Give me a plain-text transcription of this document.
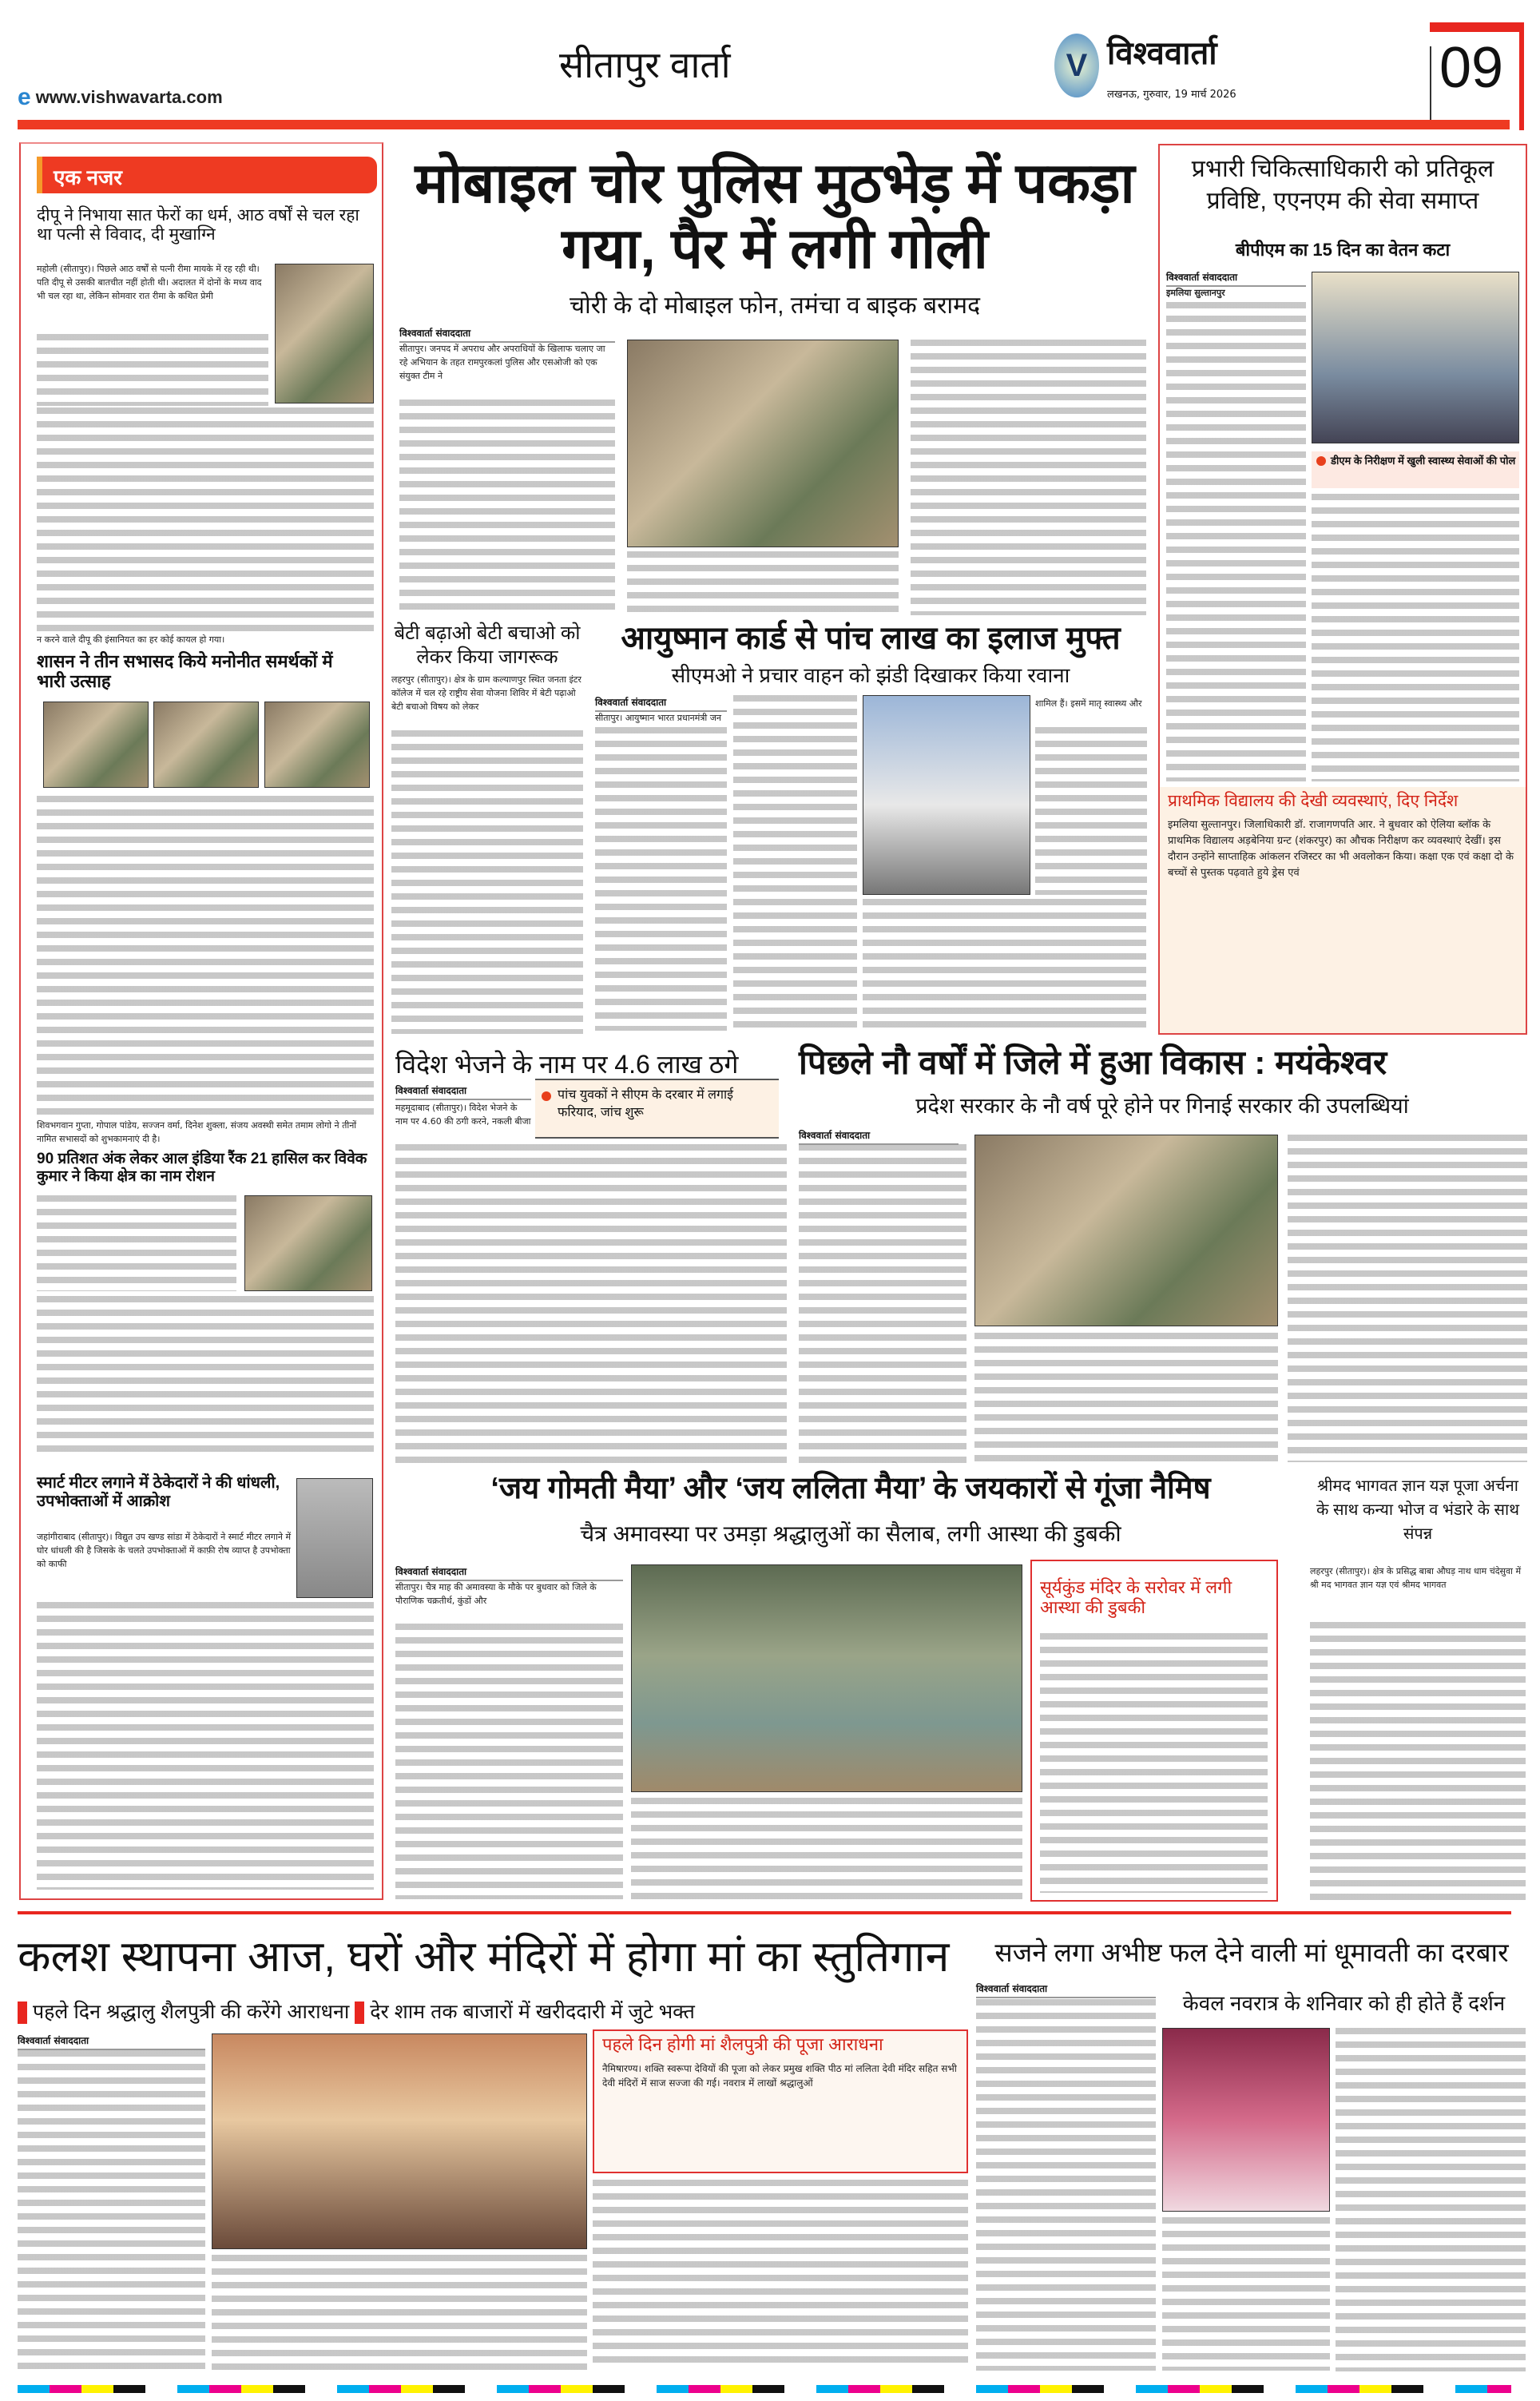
e www.vishwavarta.com
सीतापुर वार्ता	V विश्ववार्ता
लखनऊ, गुरुवार, 19 मार्च 2026	09
एक नजर
दीपू ने निभाया सात फेरों का धर्म, आठ वर्षों से चल रहा था पत्नी से विवाद, दी मुखाग्नि
महोली (सीतापुर)। पिछले आठ वर्षों से पत्नी रीमा मायके में रह रही थी। पति दीपू से उसकी बातचीत नहीं होती थी। अदालत में दोनों के मध्य वाद भी चल रहा था, लेकिन सोमवार रात रीमा के कथित प्रेमी
न करने वाले दीपू की इंसानियत का हर कोई कायल हो गया।
शासन ने तीन सभासद किये मनोनीत समर्थकों में भारी उत्साह
शिवभगवान गुप्ता, गोपाल पांडेय, सज्जन वर्मा, दिनेश शुक्ला, संजय अवस्थी समेत तमाम लोगो ने तीनों नामित सभासदों को शुभकामनाएं दी है।
90 प्रतिशत अंक लेकर आल इंडिया रैंक 21 हासिल कर विवेक कुमार ने किया क्षेत्र का नाम रोशन
स्मार्ट मीटर लगाने में ठेकेदारों ने की धांधली, उपभोक्ताओं में आक्रोश
जहांगीराबाद (सीतापुर)। विद्युत उप खण्ड सांडा में ठेकेदारों ने स्मार्ट मीटर लगाने में घोर धांधली की है जिसके के चलते उपभोक्ताओं में काफ़ी रोष व्याप्त है उपभोक्ता को काफी
मोबाइल चोर पुलिस मुठभेड़ में पकड़ा गया, पैर में लगी गोली
चोरी के दो मोबाइल फोन, तमंचा व बाइक बरामद
विश्ववार्ता संवाददाता
सीतापुर। जनपद में अपराध और अपराधियों के खिलाफ चलाए जा रहे अभियान के तहत रामपुरकलां पुलिस और एसओजी को एक संयुक्त टीम ने
बेटी बढ़ाओ बेटी बचाओ को लेकर किया जागरूक
लहरपुर (सीतापुर)। क्षेत्र के ग्राम कल्याणपुर स्थित जनता इंटर कॉलेज में चल रहे राष्ट्रीय सेवा योजना शिविर में बेटी पढ़ाओ बेटी बचाओ विषय को लेकर
आयुष्मान कार्ड से पांच लाख का इलाज मुफ्त
सीएमओ ने प्रचार वाहन को झंडी दिखाकर किया रवाना
विश्ववार्ता संवाददाता
सीतापुर। आयुष्मान भारत प्रधानमंत्री जन
शामिल हैं। इसमें मातृ स्वास्थ्य और
प्रभारी चिकित्साधिकारी को प्रतिकूल प्रविष्टि, एएनएम की सेवा समाप्त
बीपीएम का 15 दिन का वेतन कटा
विश्ववार्ता संवाददाता
इमलिया सुल्तानपुर
डीएम के निरीक्षण में खुली स्वास्थ्य सेवाओं की पोल
प्राथमिक विद्यालय की देखी व्यवस्थाएं, दिए निर्देश
इमलिया सुल्तानपुर। जिलाधिकारी डॉ. राजागणपति आर. ने बुधवार को ऐलिया ब्लॉक के प्राथमिक विद्यालय अड़बेनिया ग्रन्ट (शंकरपुर) का औचक निरीक्षण कर व्यवस्थाएं देखीं। इस दौरान उन्होंने साप्ताहिक आंकलन रजिस्टर का भी अवलोकन किया। कक्षा एक एवं कक्षा दो के बच्चों से पुस्तक पढ़वाते हुये ड्रेस एवं
विदेश भेजने के नाम पर 4.6 लाख ठगे
विश्ववार्ता संवाददाता
महमूदाबाद (सीतापुर)। विदेश भेजने के नाम पर 4.60 की ठगी करने, नकली बीजा
पांच युवकों ने सीएम के दरबार में लगाई फरियाद, जांच शुरू
पिछले नौ वर्षों में जिले में हुआ विकास : मयंकेश्वर
प्रदेश सरकार के नौ वर्ष पूरे होने पर गिनाई सरकार की उपलब्धियां
विश्ववार्ता संवाददाता
‘जय गोमती मैया’ और ‘जय ललिता मैया’ के जयकारों से गूंजा नैमिष
चैत्र अमावस्या पर उमड़ा श्रद्धालुओं का सैलाब, लगी आस्था की डुबकी
विश्ववार्ता संवाददाता
सीतापुर। चैत्र माह की अमावस्या के मौके पर बुधवार को जिले के पौराणिक चक्रतीर्थ, कुंडों और
सूर्यकुंड मंदिर के सरोवर में लगी आस्था की डुबकी
श्रीमद भागवत ज्ञान यज्ञ पूजा अर्चना के साथ कन्या भोज व भंडारे के साथ संपन्न
लहरपुर (सीतापुर)। क्षेत्र के प्रसिद्ध बाबा औघड़ नाथ धाम चंदेसुवा में श्री मद भागवत ज्ञान यज्ञ एवं श्रीमद भागवत
कलश स्थापना आज, घरों और मंदिरों में होगा मां का स्तुतिगान
पहले दिन श्रद्धालु शैलपुत्री की करेंगे आराधना देर शाम तक बाजारों में खरीददारी में जुटे भक्त
विश्ववार्ता संवाददाता	पहले दिन होगी मां शैलपुत्री की पूजा आराधना
नैमिषारण्य। शक्ति स्वरूपा देवियों की पूजा को लेकर प्रमुख शक्ति पीठ मां ललिता देवी मंदिर सहित सभी देवी मंदिरों में साज सज्जा की गई। नवरात्र में लाखों श्रद्धालुओं
सजने लगा अभीष्ट फल देने वाली मां धूमावती का दरबार
विश्ववार्ता संवाददाता
केवल नवरात्र के शनिवार को ही होते हैं दर्शन
